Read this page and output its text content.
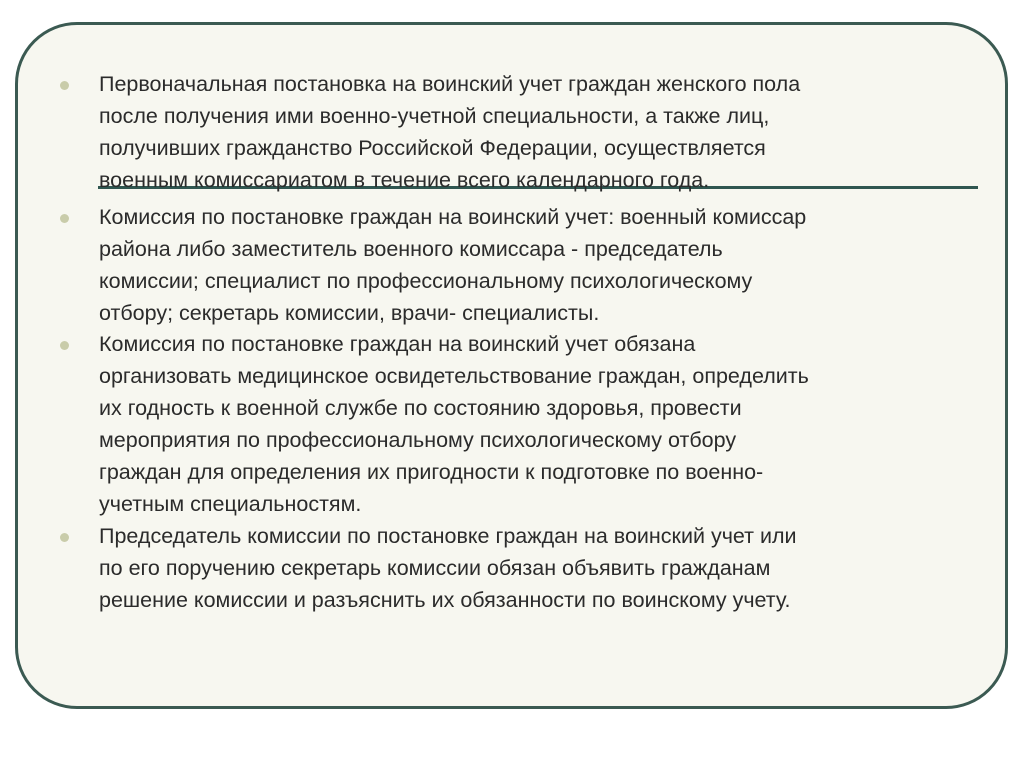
Первоначальная постановка на воинский учет граждан женского пола
после получения ими военно-учетной специальности, а также лиц,
получивших гражданство Российской Федерации, осуществляется
военным комиссариатом в течение всего календарного года.

Комиссия по постановке граждан на воинский учет: военный комиссар
района либо заместитель военного комиссара - председатель
комиссии; специалист по профессиональному психологическому
отбору; секретарь комиссии, врачи- специалисты.

Комиссия по постановке граждан на воинский учет обязана
организовать медицинское освидетельствование граждан, определить
их годность к военной службе по состоянию здоровья, провести
мероприятия по профессиональному психологическому отбору
граждан для определения их пригодности к подготовке по военно-
учетным специальностям.

Председатель комиссии по постановке граждан на воинский учет или
по его поручению секретарь комиссии обязан объявить гражданам
решение комиссии и разъяснить их обязанности по воинскому учету.
